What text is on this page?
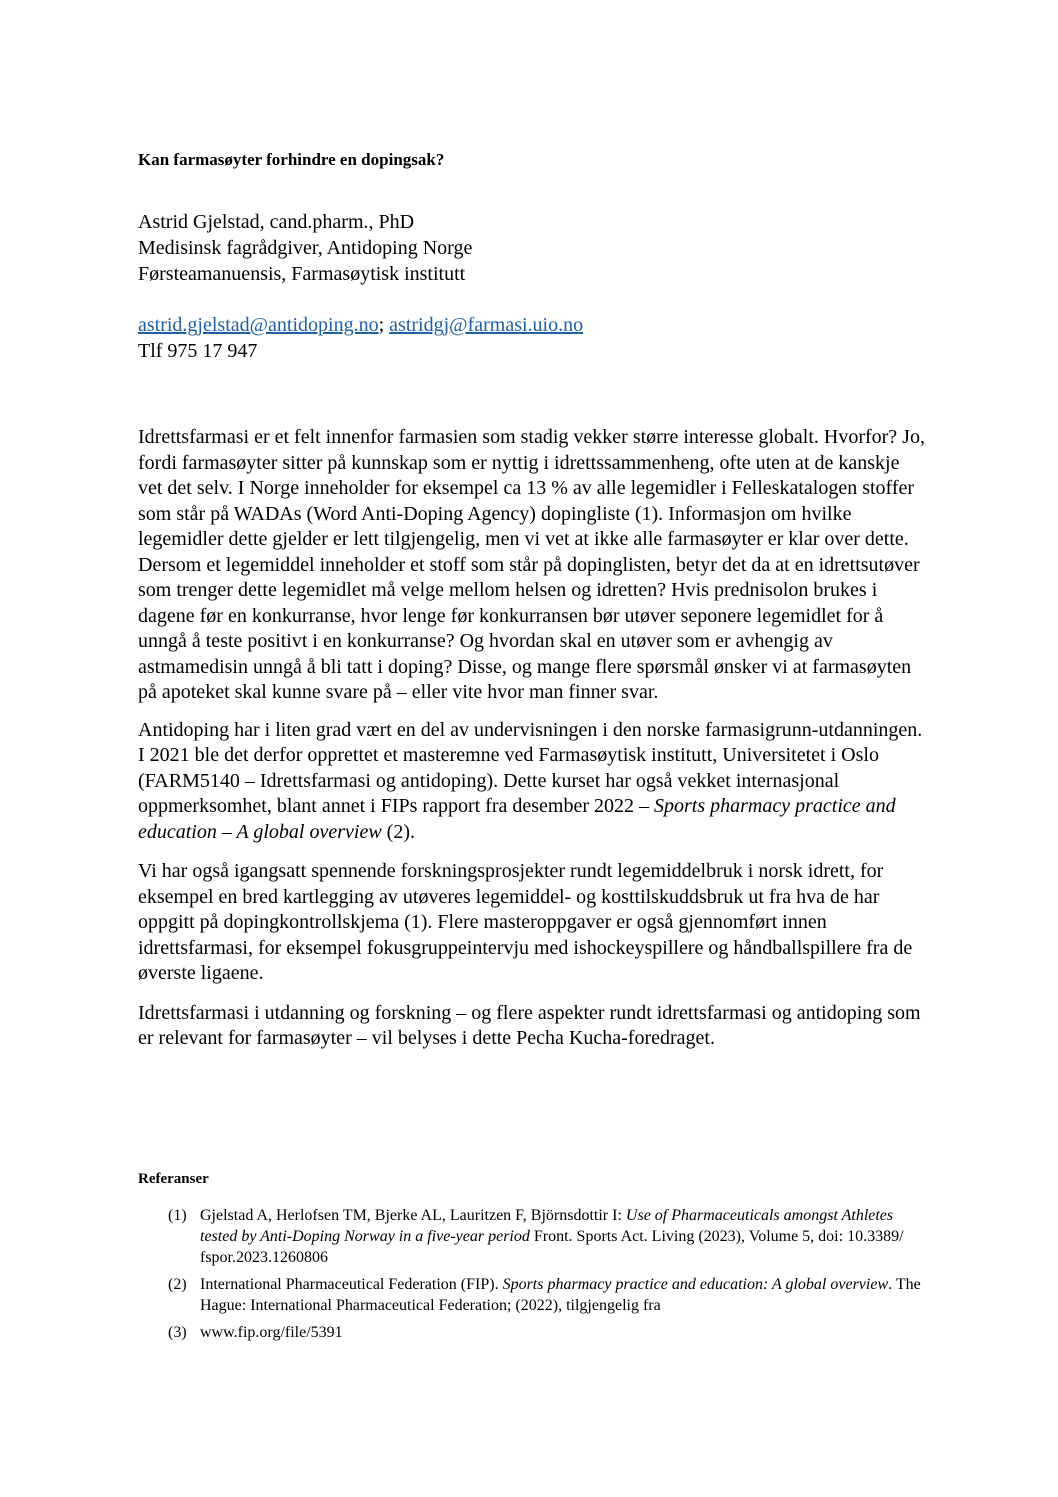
Kan farmasøyter forhindre en dopingsak?
Astrid Gjelstad, cand.pharm., PhD
Medisinsk fagrådgiver, Antidoping Norge
Førsteamanuensis, Farmasøytisk institutt
astrid.gjelstad@antidoping.no; astridgj@farmasi.uio.no
Tlf 975 17 947

Idrettsfarmasi er et felt innenfor farmasien som stadig vekker større interesse globalt. Hvorfor? Jo, fordi farmasøyter sitter på kunnskap som er nyttig i idrettssammenheng, ofte uten at de kanskje vet det selv. I Norge inneholder for eksempel ca 13 % av alle legemidler i Felleskatalogen stoffer som står på WADAs (Word Anti-Doping Agency) dopingliste (1). Informasjon om hvilke legemidler dette gjelder er lett tilgjengelig, men vi vet at ikke alle farmasøyter er klar over dette. Dersom et legemiddel inneholder et stoff som står på dopinglisten, betyr det da at en idrettsutøver som trenger dette legemidlet må velge mellom helsen og idretten? Hvis prednisolon brukes i dagene før en konkurranse, hvor lenge før konkurransen bør utøver seponere legemidlet for å unngå å teste positivt i en konkurranse? Og hvordan skal en utøver som er avhengig av astmamedisin unngå å bli tatt i doping? Disse, og mange flere spørsmål ønsker vi at farmasøyten på apoteket skal kunne svare på – eller vite hvor man finner svar.

Antidoping har i liten grad vært en del av undervisningen i den norske farmasigrunn-utdanningen. I 2021 ble det derfor opprettet et masteremne ved Farmasøytisk institutt, Universitetet i Oslo (FARM5140 – Idrettsfarmasi og antidoping). Dette kurset har også vekket internasjonal oppmerksomhet, blant annet i FIPs rapport fra desember 2022 – Sports pharmacy practice and education – A global overview (2).

Vi har også igangsatt spennende forskningsprosjekter rundt legemiddelbruk i norsk idrett, for eksempel en bred kartlegging av utøveres legemiddel- og kosttilskuddsbruk ut fra hva de har oppgitt på dopingkontrollskjema (1). Flere masteroppgaver er også gjennomført innen idrettsfarmasi, for eksempel fokusgruppeintervju med ishockeyspillere og håndballspillere fra de øverste ligaene.

Idrettsfarmasi i utdanning og forskning – og flere aspekter rundt idrettsfarmasi og antidoping som er relevant for farmasøyter – vil belyses i dette Pecha Kucha-foredraget.

Referanser
(1) Gjelstad A, Herlofsen TM, Bjerke AL, Lauritzen F, Björnsdottir I: Use of Pharmaceuticals amongst Athletes tested by Anti-Doping Norway in a five-year period Front. Sports Act. Living (2023), Volume 5, doi: 10.3389/ fspor.2023.1260806
(2) International Pharmaceutical Federation (FIP). Sports pharmacy practice and education: A global overview. The Hague: International Pharmaceutical Federation; (2022), tilgjengelig fra
(3) www.fip.org/file/5391
